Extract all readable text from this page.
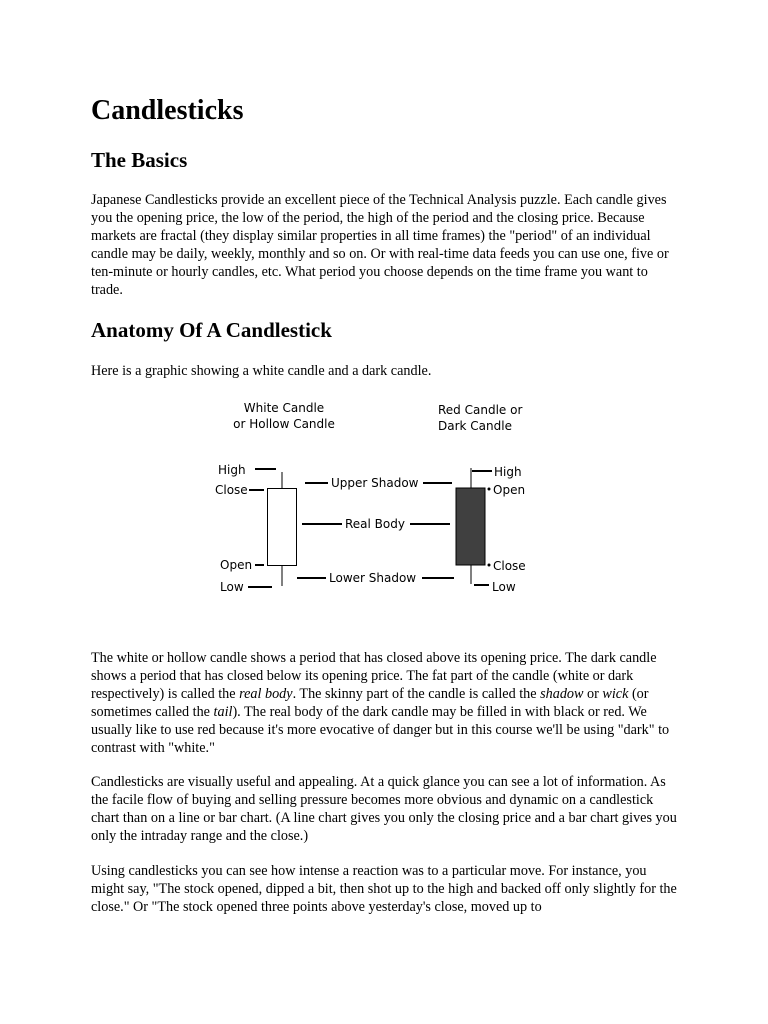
Candlesticks
The Basics

Japanese Candlesticks provide an excellent piece of the Technical Analysis puzzle. Each candle gives you the opening price, the low of the period, the high of the period and the closing price. Because markets are fractal (they display similar properties in all time frames) the "period" of an individual candle may be daily, weekly, monthly and so on. Or with real-time data feeds you can use one, five or ten-minute or hourly candles, etc. What period you choose depends on the time frame you want to trade.

Anatomy Of A Candlestick

Here is a graphic showing a white candle and a dark candle.

The white or hollow candle shows a period that has closed above its opening price. The dark candle shows a period that has closed below its opening price. The fat part of the candle (white or dark respectively) is called the real body. The skinny part of the candle is called the shadow or wick (or sometimes called the tail). The real body of the dark candle may be filled in with black or red. We usually like to use red because it's more evocative of danger but in this course we'll be using "dark" to contrast with "white."

Candlesticks are visually useful and appealing. At a quick glance you can see a lot of information. As the facile flow of buying and selling pressure becomes more obvious and dynamic on a candlestick chart than on a line or bar chart. (A line chart gives you only the closing price and a bar chart gives you only the intraday range and the close.)

Using candlesticks you can see how intense a reaction was to a particular move. For instance, you might say, "The stock opened, dipped a bit, then shot up to the high and backed off only slightly for the close." Or "The stock opened three points above yesterday's close, moved up to

White Candle
or Hollow Candle
Red Candle or
Dark Candle
High
Close
Open
Low
Upper Shadow
Real Body
Lower Shadow
High
Open
Close
Low
